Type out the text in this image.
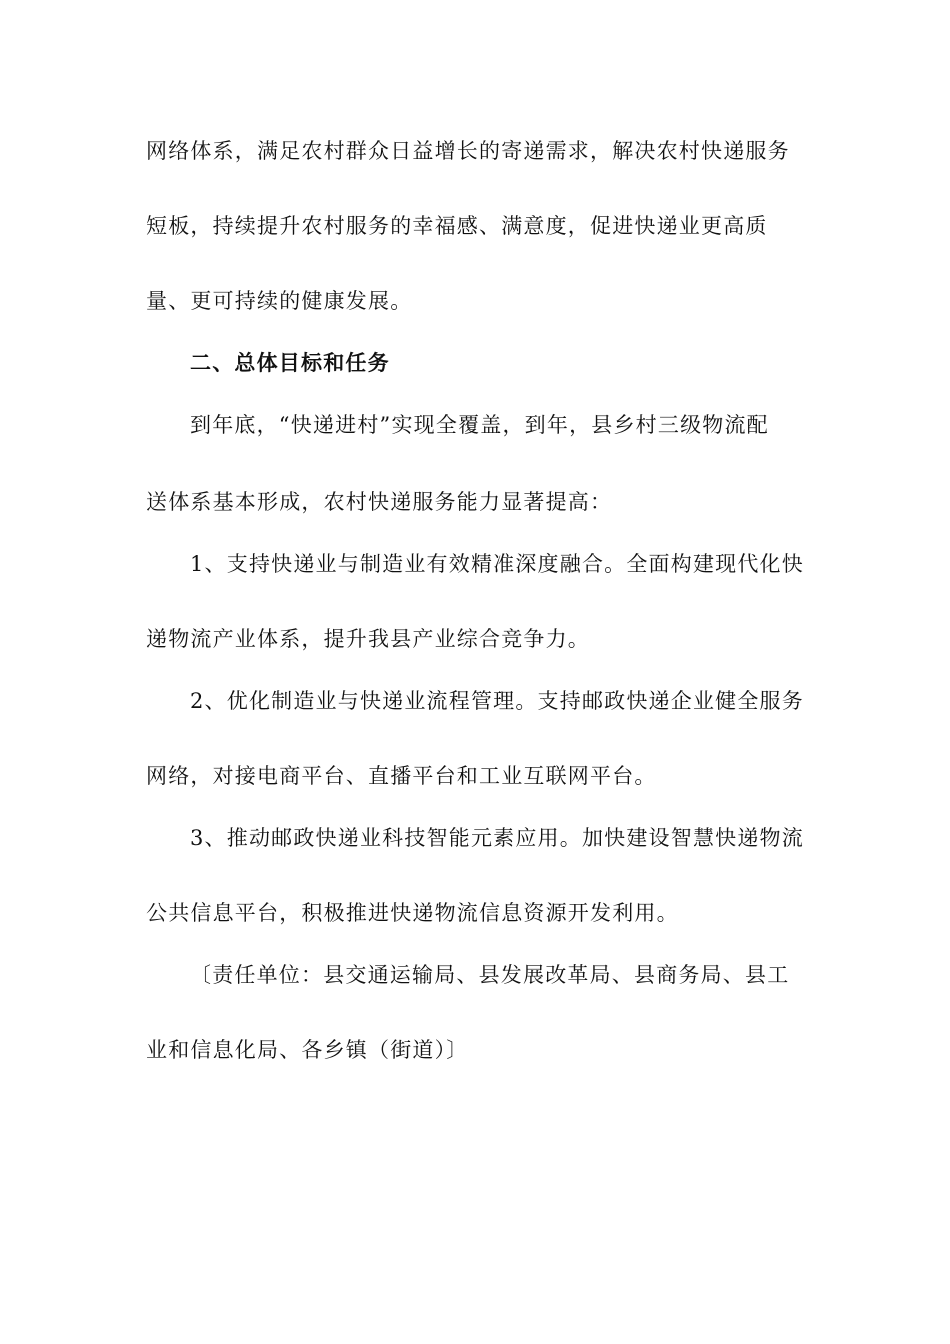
网络体系，满足农村群众日益增长的寄递需求，解决农村快递服务
短板，持续提升农村服务的幸福感、满意度，促进快递业更高质
量、更可持续的健康发展。
二、总体目标和任务
到年底，“快递进村”实现全覆盖，到年，县乡村三级物流配
送体系基本形成，农村快递服务能力显著提高：
1、支持快递业与制造业有效精准深度融合。全面构建现代化快
递物流产业体系，提升我县产业综合竞争力。
2、优化制造业与快递业流程管理。支持邮政快递企业健全服务
网络，对接电商平台、直播平台和工业互联网平台。
3、推动邮政快递业科技智能元素应用。加快建设智慧快递物流
公共信息平台，积极推进快递物流信息资源开发利用。
〔责任单位：县交通运输局、县发展改革局、县商务局、县工
业和信息化局、各乡镇（街道）〕
